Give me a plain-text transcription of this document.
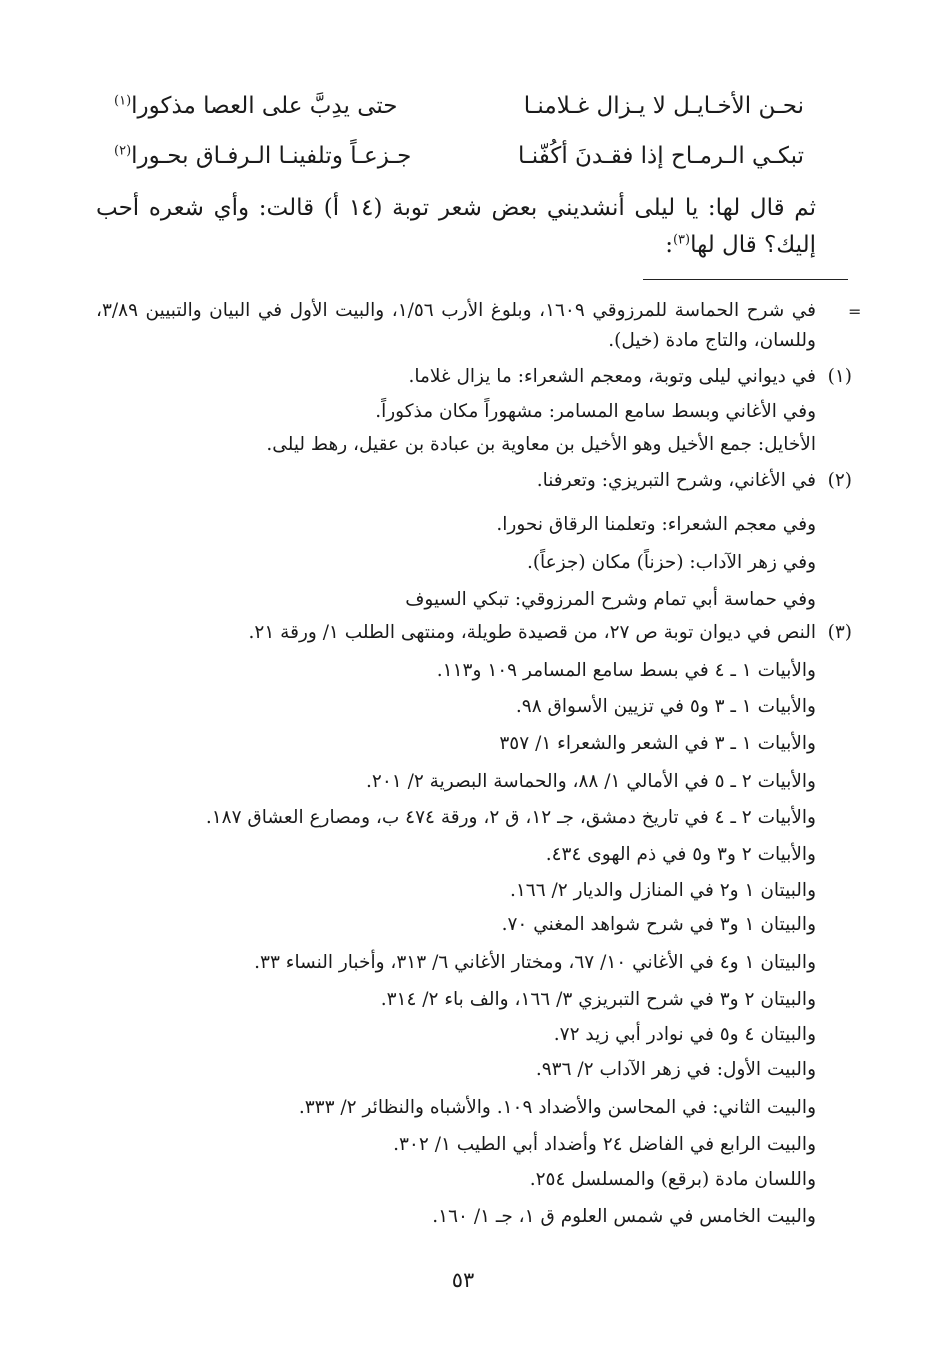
نحـن الأخـايـل لا يـزال غـلامنـا
حتى يدِبَّ على العصا مذكورا$^{(١)}$
تبكـي الـرمـاح إذا فقـدنَ أكُفّنـا
جـزعـاً وتلفينـا الـرفـاق بحـورا$^{(٢)}$
ثم قال لها: يا ليلى أنشديني بعض شعر توبة (١٤ أ) قالت: وأي شعره أحب إليك؟ قال لها$^{(٣)}$:
=
في شرح الحماسة للمرزوقي ١٦٠٩، وبلوغ الأرب ١/٥٦، والبيت الأول في البيان والتبيين ٣/٨٩، وللسان، والتاج مادة (خيل).
(١)
في ديواني ليلى وتوبة، ومعجم الشعراء: ما يزال غلاما.
وفي الأغاني وبسط سامع المسامر: مشهوراً مكان مذكوراً.
الأخايل: جمع الأخيل وهو الأخيل بن معاوية بن عبادة بن عقيل، رهط ليلى.
(٢)
في الأغاني، وشرح التبريزي: وتعرفنا.
وفي معجم الشعراء: وتعلمنا الرقاق نحورا.
وفي زهر الآداب: (حزناً) مكان (جزعاً).
وفي حماسة أبي تمام وشرح المرزوقي: تبكي السيوف
(٣)
النص في ديوان توبة ص ٢٧، من قصيدة طويلة، ومنتهى الطلب ١/ ورقة ٢١.
والأبيات ١ ـ ٤ في بسط سامع المسامر ١٠٩ و١١٣.
والأبيات ١ ـ ٣ و٥ في تزيين الأسواق ٩٨.
والأبيات ١ ـ ٣ في الشعر والشعراء ١/ ٣٥٧
والأبيات ٢ ـ ٥ في الأمالي ١/ ٨٨، والحماسة البصرية ٢/ ٢٠١.
والأبيات ٢ ـ ٤ في تاريخ دمشق، جـ ١٢، ق ٢، ورقة ٤٧٤ ب، ومصارع العشاق ١٨٧.
والأبيات ٢ و٣ و٥ في ذم الهوى ٤٣٤.
والبيتان ١ و٢ في المنازل والديار ٢/ ١٦٦.
والبيتان ١ و٣ في شرح شواهد المغني ٧٠.
والبيتان ١ و٤ في الأغاني ١٠/ ٦٧، ومختار الأغاني ٦/ ٣١٣، وأخبار النساء ٣٣.
والبيتان ٢ و٣ في شرح التبريزي ٣/ ١٦٦، والف باء ٢/ ٣١٤.
والبيتان ٤ و٥ في نوادر أبي زيد ٧٢.
والبيت الأول: في زهر الآداب ٢/ ٩٣٦.
والبيت الثاني: في المحاسن والأضداد ١٠٩. والأشباه والنظائر ٢/ ٣٣٣.
والبيت الرابع في الفاضل ٢٤ وأضداد أبي الطيب ١/ ٣٠٢.
واللسان مادة (برقع) والمسلسل ٢٥٤.
والبيت الخامس في شمس العلوم ق ١، جـ ١/ ١٦٠.
٥٣
